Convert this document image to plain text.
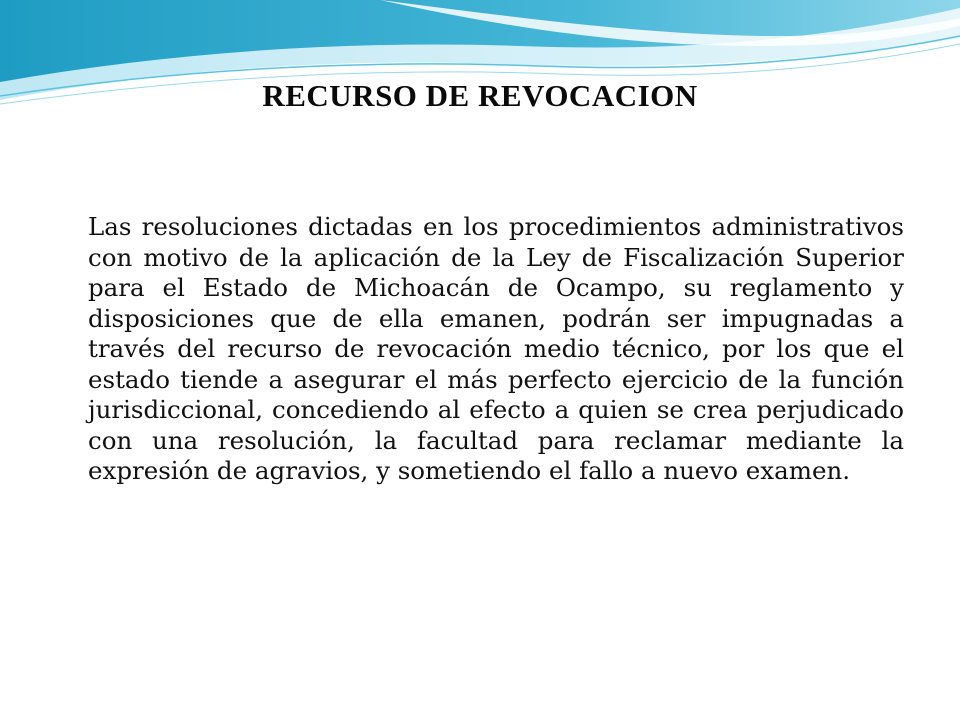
RECURSO DE REVOCACION

Las resoluciones dictadas en los procedimientos administrativos con motivo de la aplicación de la Ley de Fiscalización Superior para el Estado de Michoacán de Ocampo, su reglamento y disposiciones que de ella emanen, podrán ser impugnadas a través del recurso de revocación medio técnico, por los que el estado tiende a asegurar el más perfecto ejercicio de la función jurisdiccional, concediendo al efecto a quien se crea perjudicado con una resolución, la facultad para reclamar mediante la expresión de agravios, y sometiendo el fallo a nuevo examen.
